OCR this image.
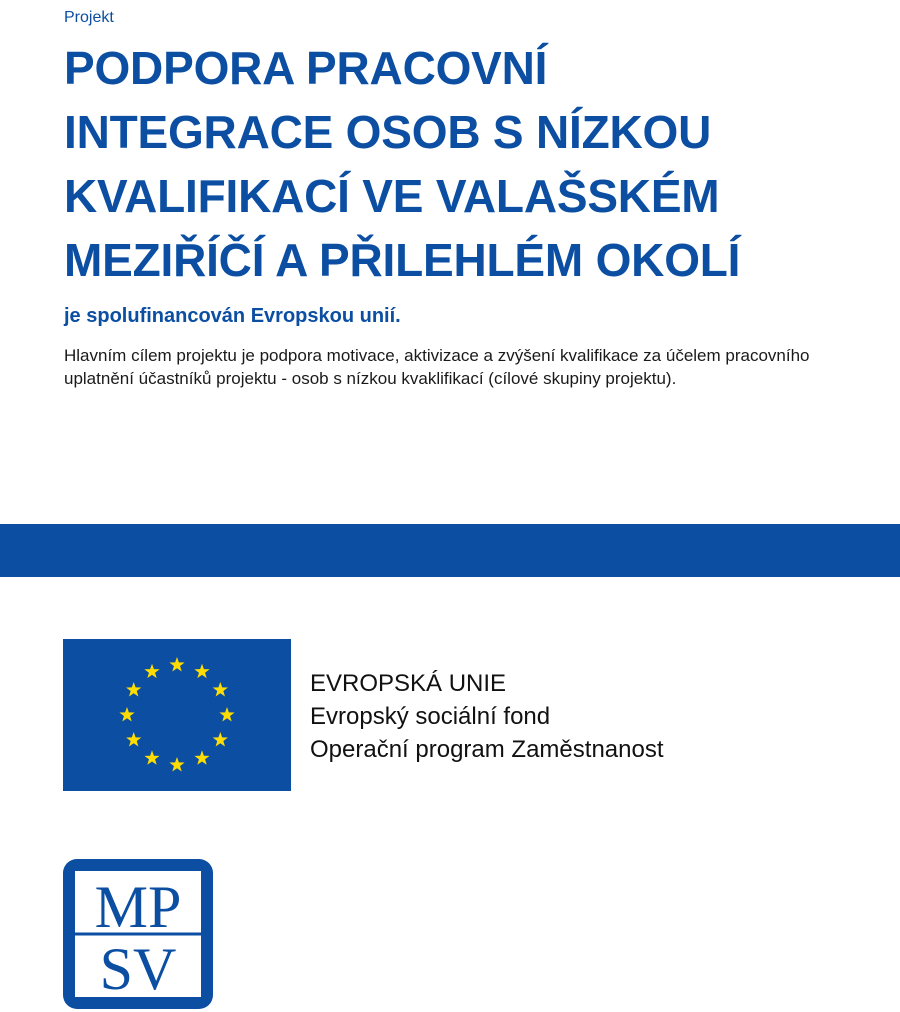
Projekt
PODPORA PRACOVNÍ
INTEGRACE OSOB S NÍZKOU
KVALIFIKACÍ VE VALAŠSKÉM
MEZIŘÍČÍ A PŘILEHLÉM OKOLÍ
je spolufinancován Evropskou unií.

Hlavním cílem projektu je podpora motivace, aktivizace a zvýšení kvalifikace za účelem pracovního uplatnění účastníků projektu - osob s nízkou kvaklifikací (cílové skupiny projektu).

EVROPSKÁ UNIE
Evropský sociální fond
Operační program Zaměstnanost
MP
SV
